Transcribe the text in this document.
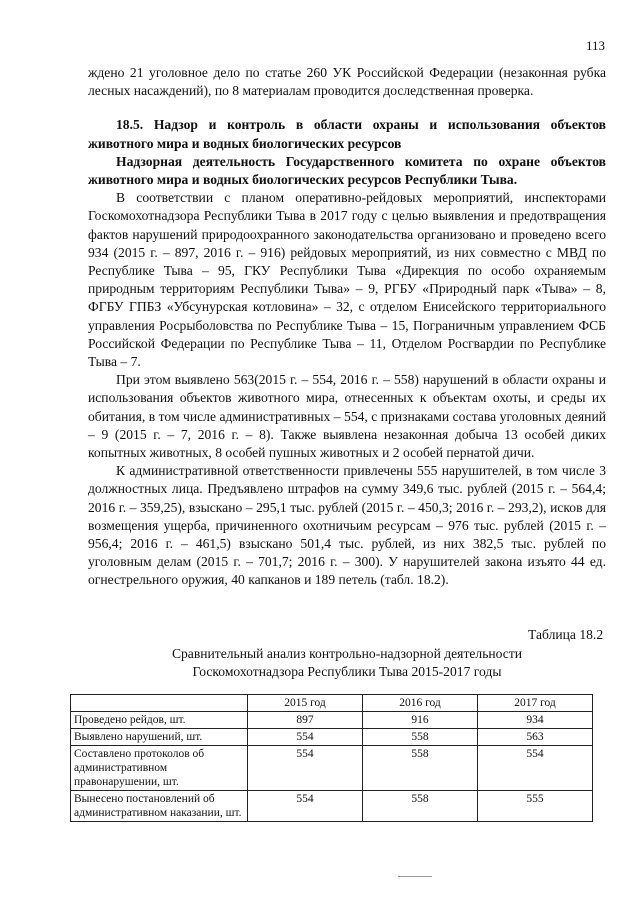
113

ждено 21 уголовное дело по статье 260 УК Российской Федерации (незаконная рубка лесных насаждений), по 8 материалам проводится доследственная проверка.

18.5. Надзор и контроль в области охраны и использования объектов животного мира и водных биологических ресурсов

Надзорная деятельность Государственного комитета по охране объектов животного мира и водных биологических ресурсов Республики Тыва.

В соответствии с планом оперативно-рейдовых мероприятий, инспекторами Госкомохотнадзора Республики Тыва в 2017 году с целью выявления и предотвращения фактов нарушений природоохранного законодательства организовано и проведено всего 934 (2015 г. – 897, 2016 г. – 916) рейдовых мероприятий, из них совместно с МВД по Республике Тыва – 95, ГКУ Республики Тыва «Дирекция по особо охраняемым природным территориям Республики Тыва» – 9, РГБУ «Природный парк «Тыва» – 8, ФГБУ ГПБЗ «Убсунурская котловина» – 32, с отделом Енисейского территориального управления Росрыболовства по Республике Тыва – 15, Пограничным управлением ФСБ Российской Федерации по Республике Тыва – 11, Отделом Росгвардии по Республике Тыва – 7.

При этом выявлено 563(2015 г. – 554, 2016 г. – 558) нарушений в области охраны и использования объектов животного мира, отнесенных к объектам охоты, и среды их обитания, в том числе административных – 554, с признаками состава уголовных деяний – 9 (2015 г. – 7, 2016 г. – 8). Также выявлена незаконная добыча 13 особей диких копытных животных, 8 особей пушных животных и 2 особей пернатой дичи.

К административной ответственности привлечены 555 нарушителей, в том числе 3 должностных лица. Предъявлено штрафов на сумму 349,6 тыс. рублей (2015 г. – 564,4; 2016 г. – 359,25), взыскано – 295,1 тыс. рублей (2015 г. – 450,3; 2016 г. – 293,2), исков для возмещения ущерба, причиненного охотничьим ресурсам – 976 тыс. рублей (2015 г. – 956,4; 2016 г. – 461,5) взыскано 501,4 тыс. рублей, из них 382,5 тыс. рублей по уголовным делам (2015 г. – 701,7; 2016 г. – 300). У нарушителей закона изъято 44 ед. огнестрельного оружия, 40 капканов и 189 петель (табл. 18.2).

Таблица 18.2
Сравнительный анализ контрольно-надзорной деятельности
Госкомохотнадзора Республики Тыва 2015-2017 годы
	2015 год	2016 год	2017 год
Проведено рейдов, шт.	897	916	934
Выявлено нарушений, шт.	554	558	563
Составлено протоколов об административном правонарушении, шт.	554	558	554
Вынесено постановлений об административном наказании, шт.	554	558	555
